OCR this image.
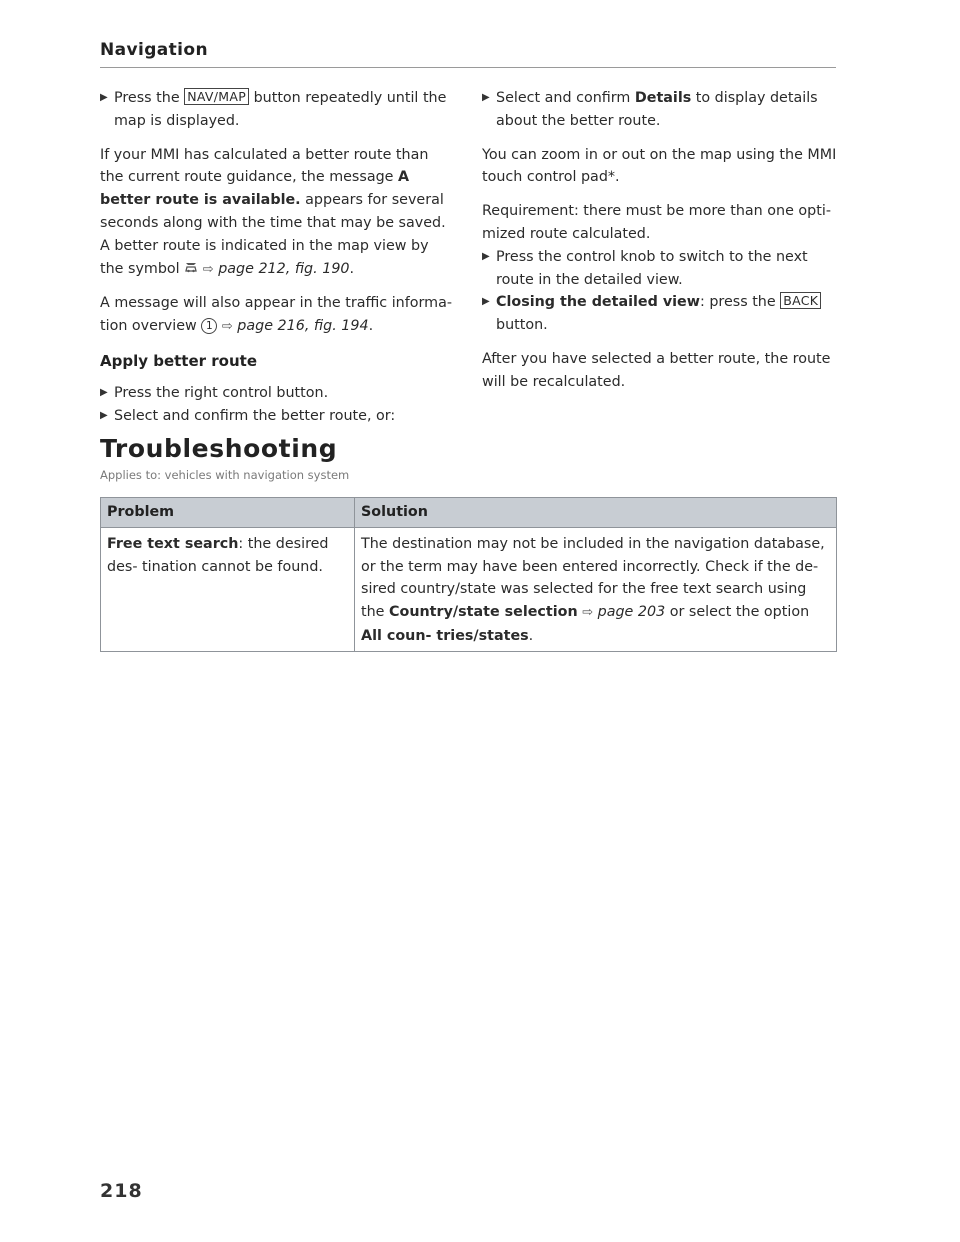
Navigation
▶ Press the NAV/MAP button repeatedly until the map is displayed.
If your MMI has calculated a better route than the current route guidance, the message A better route is available. appears for several seconds along with the time that may be saved. A better route is indicated in the map view by the symbol  ⇨ page 212, fig. 190.
A message will also appear in the traffic informa- tion overview 1 ⇨ page 216, fig. 194.
Apply better route
▶ Press the right control button.
▶ Select and confirm the better route, or:
▶ Select and confirm Details to display details about the better route.
You can zoom in or out on the map using the MMI touch control pad*.
Requirement: there must be more than one opti- mized route calculated.
▶ Press the control knob to switch to the next route in the detailed view.
▶ Closing the detailed view: press the BACK button.
After you have selected a better route, the route will be recalculated.
Troubleshooting
Applies to: vehicles with navigation system
Problem	Solution
Free text search: the desired des- tination cannot be found.	The destination may not be included in the navigation database, or the term may have been entered incorrectly. Check if the de- sired country/state was selected for the free text search using the Country/state selection ⇨ page 203 or select the option All coun- tries/states.
218
